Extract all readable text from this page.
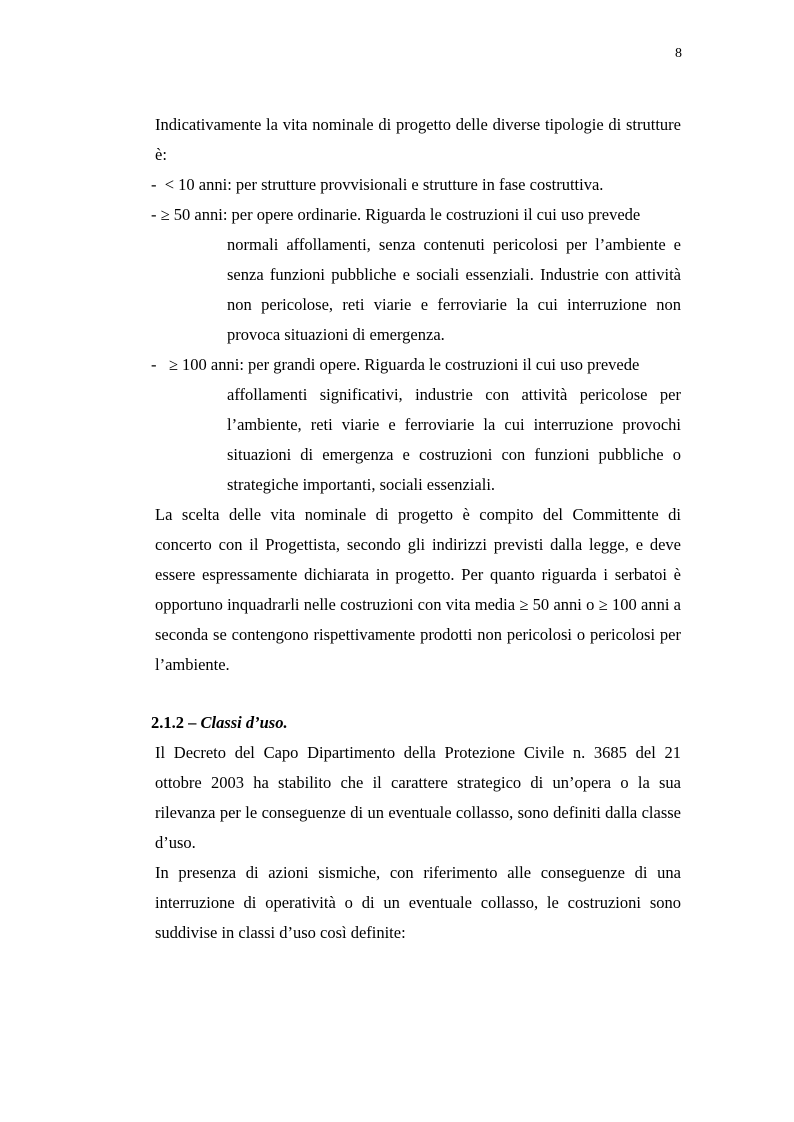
8

Indicativamente la vita nominale di progetto delle diverse tipologie di strutture è:

- < 10 anni: per strutture provvisionali e strutture in fase costruttiva.

- ≥ 50 anni: per opere ordinarie. Riguarda le costruzioni il cui uso prevede

normali affollamenti, senza contenuti pericolosi per l’ambiente e senza funzioni pubbliche e sociali essenziali. Industrie con attività non pericolose, reti viarie e ferroviarie la cui interruzione non provoca situazioni di emergenza.

- ≥ 100 anni: per grandi opere. Riguarda le costruzioni il cui uso prevede

affollamenti significativi, industrie con attività pericolose per l’ambiente, reti viarie e ferroviarie la cui interruzione provochi situazioni di emergenza e costruzioni con funzioni pubbliche o strategiche importanti, sociali essenziali.

La scelta delle vita nominale di progetto è compito del Committente di concerto con il Progettista, secondo gli indirizzi previsti dalla legge, e deve essere espressamente dichiarata in progetto. Per quanto riguarda i serbatoi è opportuno inquadrarli nelle costruzioni con vita media ≥ 50 anni o ≥ 100 anni a seconda se contengono rispettivamente prodotti non pericolosi o pericolosi per l’ambiente.

2.1.2 – Classi d’uso.

Il Decreto del Capo Dipartimento della Protezione Civile n. 3685 del 21 ottobre 2003 ha stabilito che il carattere strategico di un’opera o la sua rilevanza per le conseguenze di un eventuale collasso, sono definiti dalla classe d’uso.

In presenza di azioni sismiche, con riferimento alle conseguenze di una interruzione di operatività o di un eventuale collasso, le costruzioni sono suddivise in classi d’uso così definite:
